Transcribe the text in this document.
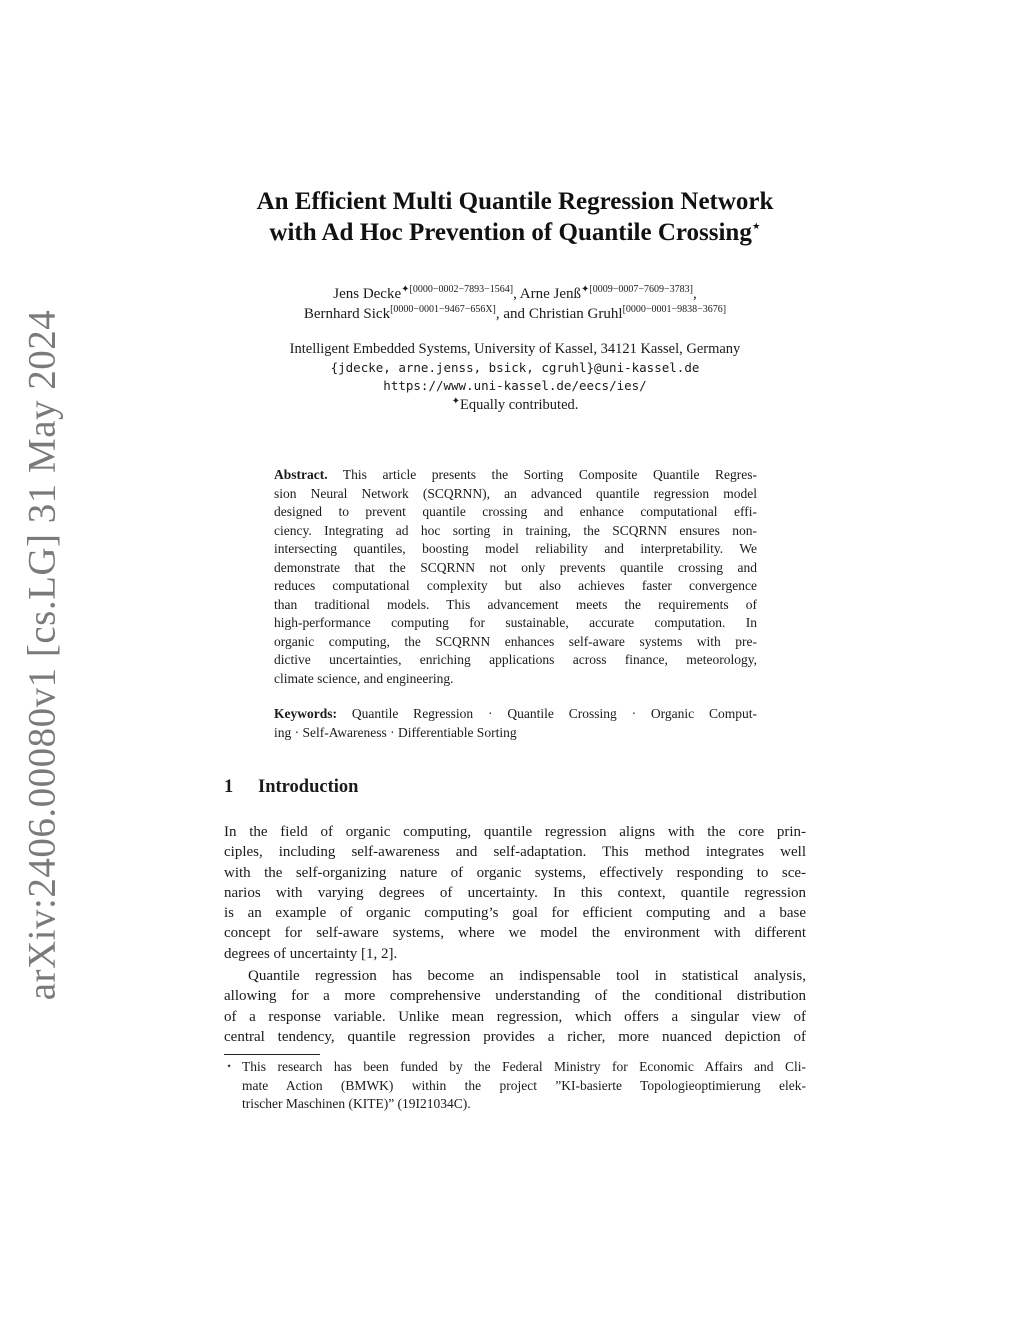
arXiv:2406.00080v1 [cs.LG] 31 May 2024
An Efficient Multi Quantile Regression Network
with Ad Hoc Prevention of Quantile Crossing⋆
Jens Decke$^{✦[0000-0002-7893-1564]}$, Arne Jenß$^{✦[0009-0007-7609-3783]}$,
Bernhard Sick[0000−0001−9467−656X], and Christian Gruhl[0000−0001−9838−3676]
Intelligent Embedded Systems, University of Kassel, 34121 Kassel, Germany
{jdecke, arne.jenss, bsick, cgruhl}@uni-kassel.de
https://www.uni-kassel.de/eecs/ies/
✦Equally contributed.
Abstract. This article presents the Sorting Composite Quantile Regres-
sion Neural Network (SCQRNN), an advanced quantile regression model
designed to prevent quantile crossing and enhance computational effi-
ciency. Integrating ad hoc sorting in training, the SCQRNN ensures non-
intersecting quantiles, boosting model reliability and interpretability. We
demonstrate that the SCQRNN not only prevents quantile crossing and
reduces computational complexity but also achieves faster convergence
than traditional models. This advancement meets the requirements of
high-performance computing for sustainable, accurate computation. In
organic computing, the SCQRNN enhances self-aware systems with pre-
dictive uncertainties, enriching applications across finance, meteorology,
climate science, and engineering.
Keywords: Quantile Regression · Quantile Crossing · Organic Comput-
ing · Self-Awareness · Differentiable Sorting
1 Introduction
In the field of organic computing, quantile regression aligns with the core prin-
ciples, including self-awareness and self-adaptation. This method integrates well
with the self-organizing nature of organic systems, effectively responding to sce-
narios with varying degrees of uncertainty. In this context, quantile regression
is an example of organic computing’s goal for efficient computing and a base
concept for self-aware systems, where we model the environment with different
degrees of uncertainty [1, 2].
Quantile regression has become an indispensable tool in statistical analysis,
allowing for a more comprehensive understanding of the conditional distribution
of a response variable. Unlike mean regression, which offers a singular view of
central tendency, quantile regression provides a richer, more nuanced depiction of
⋆ This research has been funded by the Federal Ministry for Economic Affairs and Cli-
mate Action (BMWK) within the project ”KI-basierte Topologieoptimierung elek-
trischer Maschinen (KITE)” (19I21034C).
